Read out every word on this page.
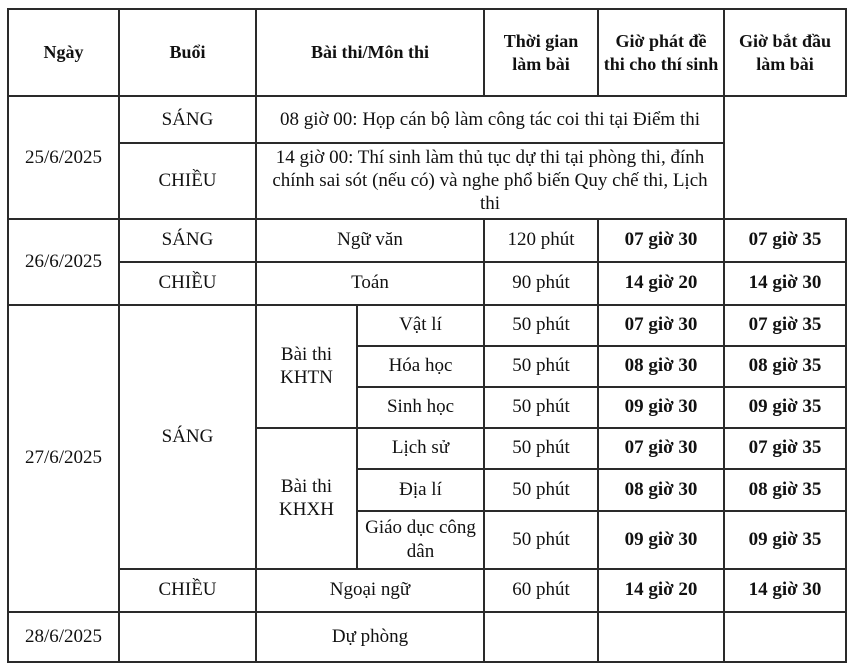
Ngày	Buổi	Bài thi/Môn thi		Thời gian làm bài	Giờ phát đề thi cho thí sinh	Giờ bắt đầu làm bài
25/6/2025	SÁNG	08 giờ 00: Họp cán bộ làm công tác coi thi tại Điểm thi				
	CHIỀU	14 giờ 00: Thí sinh làm thủ tục dự thi tại phòng thi, đính chính sai sót (nếu có) và nghe phổ biến Quy chế thi, Lịch thi				
26/6/2025	SÁNG	Ngữ văn		120 phút	07 giờ 30	07 giờ 35
	CHIỀU	Toán		90 phút	14 giờ 20	14 giờ 30
27/6/2025	SÁNG	Bài thi KHTN	Vật lí	50 phút	07 giờ 30	07 giờ 35
			Hóa học	50 phút	08 giờ 30	08 giờ 35
			Sinh học	50 phút	09 giờ 30	09 giờ 35
		Bài thi KHXH	Lịch sử	50 phút	07 giờ 30	07 giờ 35
			Địa lí	50 phút	08 giờ 30	08 giờ 35
			Giáo dục công dân	50 phút	09 giờ 30	09 giờ 35
	CHIỀU	Ngoại ngữ		60 phút	14 giờ 20	14 giờ 30
28/6/2025		Dự phòng				
